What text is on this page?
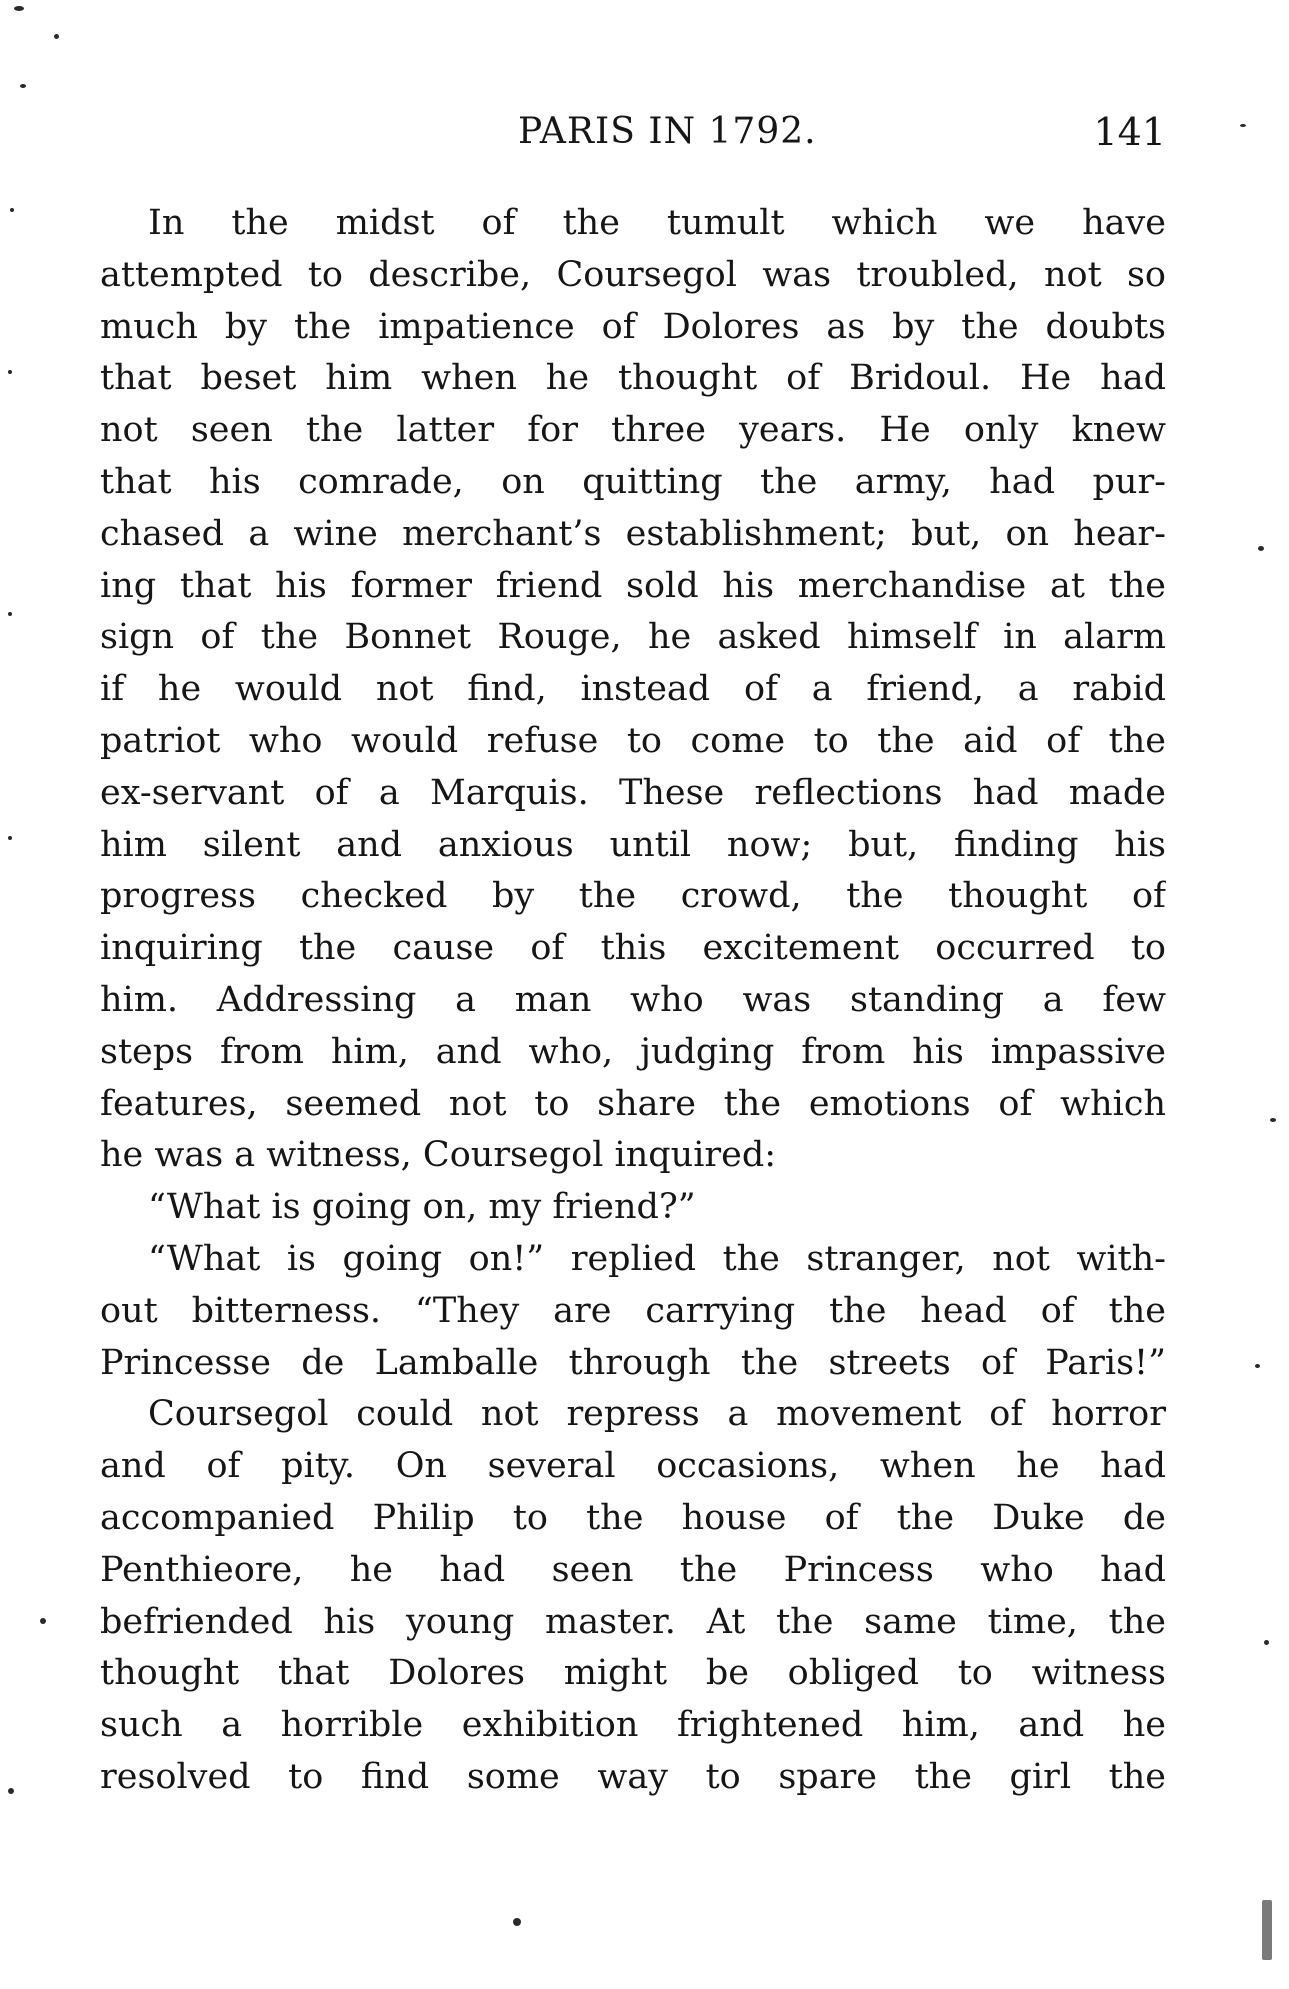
PARIS IN 1792.	141
In the midst of the tumult which we have
attempted to describe, Coursegol was troubled, not so
much by the impatience of Dolores as by the doubts
that beset him when he thought of Bridoul. He had
not seen the latter for three years. He only knew
that his comrade, on quitting the army, had pur-
chased a wine merchant’s establishment; but, on hear-
ing that his former friend sold his merchandise at the
sign of the Bonnet Rouge, he asked himself in alarm
if he would not find, instead of a friend, a rabid
patriot who would refuse to come to the aid of the
ex-servant of a Marquis. These reflections had made
him silent and anxious until now; but, finding his
progress checked by the crowd, the thought of
inquiring the cause of this excitement occurred to
him. Addressing a man who was standing a few
steps from him, and who, judging from his impassive
features, seemed not to share the emotions of which
he was a witness, Coursegol inquired:
“What is going on, my friend?”
“What is going on!” replied the stranger, not with-
out bitterness. “They are carrying the head of the
Princesse de Lamballe through the streets of Paris!”
Coursegol could not repress a movement of horror
and of pity. On several occasions, when he had
accompanied Philip to the house of the Duke de
Penthieore, he had seen the Princess who had
befriended his young master. At the same time, the
thought that Dolores might be obliged to witness
such a horrible exhibition frightened him, and he
resolved to find some way to spare the girl the
